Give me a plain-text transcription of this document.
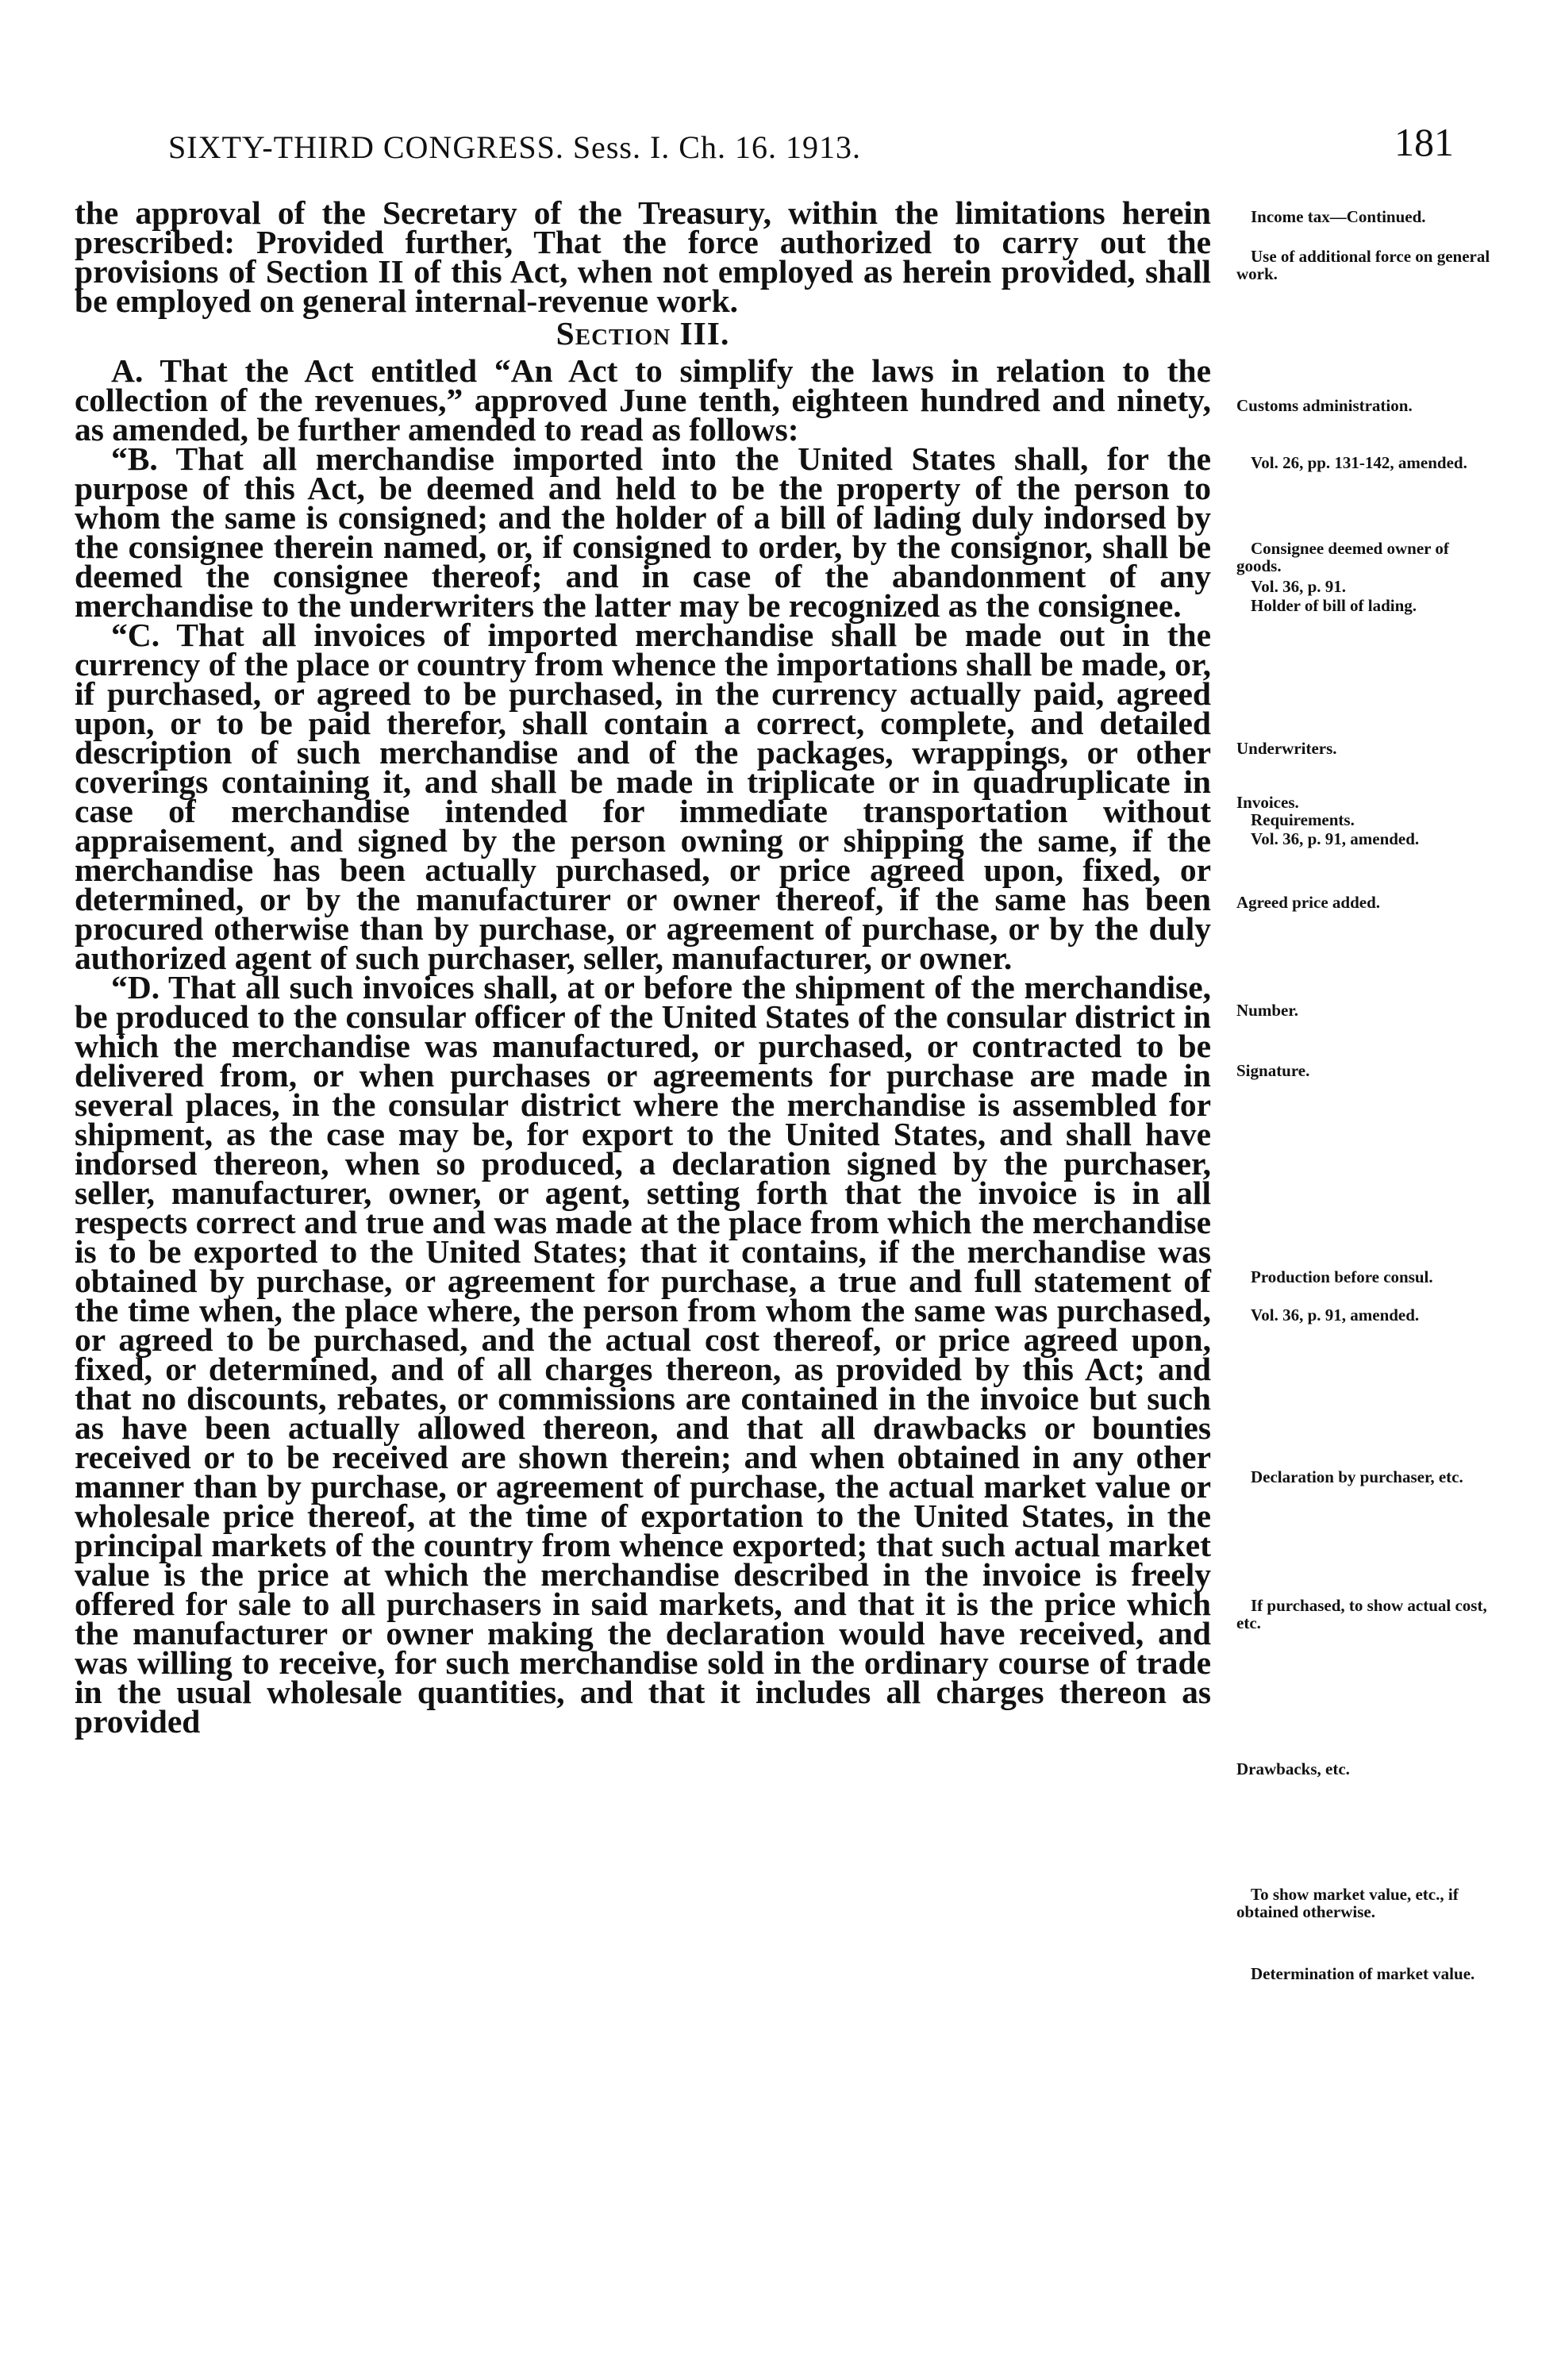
SIXTY-THIRD CONGRESS. Sess. I. Ch. 16. 1913.	181

the approval of the Secretary of the Treasury, within the limitations herein prescribed: Provided further, That the force authorized to carry out the provisions of Section II of this Act, when not employed as herein provided, shall be employed on general internal-revenue work.

Section III.

A. That the Act entitled “An Act to simplify the laws in relation to the collection of the revenues,” approved June tenth, eighteen hundred and ninety, as amended, be further amended to read as follows:

“B. That all merchandise imported into the United States shall, for the purpose of this Act, be deemed and held to be the property of the person to whom the same is consigned; and the holder of a bill of lading duly indorsed by the consignee therein named, or, if consigned to order, by the consignor, shall be deemed the consignee thereof; and in case of the abandonment of any merchandise to the underwriters the latter may be recognized as the consignee.

“C. That all invoices of imported merchandise shall be made out in the currency of the place or country from whence the importations shall be made, or, if purchased, or agreed to be purchased, in the currency actually paid, agreed upon, or to be paid therefor, shall contain a correct, complete, and detailed description of such merchandise and of the packages, wrappings, or other coverings containing it, and shall be made in triplicate or in quadruplicate in case of merchandise intended for immediate transportation without appraisement, and signed by the person owning or shipping the same, if the merchandise has been actually purchased, or price agreed upon, fixed, or determined, or by the manufacturer or owner thereof, if the same has been procured otherwise than by purchase, or agreement of purchase, or by the duly authorized agent of such purchaser, seller, manufacturer, or owner.

“D. That all such invoices shall, at or before the shipment of the merchandise, be produced to the consular officer of the United States of the consular district in which the merchandise was manufactured, or purchased, or contracted to be delivered from, or when purchases or agreements for purchase are made in several places, in the consular district where the merchandise is assembled for shipment, as the case may be, for export to the United States, and shall have indorsed thereon, when so produced, a declaration signed by the purchaser, seller, manufacturer, owner, or agent, setting forth that the invoice is in all respects correct and true and was made at the place from which the merchandise is to be exported to the United States; that it contains, if the merchandise was obtained by purchase, or agreement for purchase, a true and full statement of the time when, the place where, the person from whom the same was purchased, or agreed to be purchased, and the actual cost thereof, or price agreed upon, fixed, or determined, and of all charges thereon, as provided by this Act; and that no discounts, rebates, or commissions are contained in the invoice but such as have been actually allowed thereon, and that all drawbacks or bounties received or to be received are shown therein; and when obtained in any other manner than by purchase, or agreement of purchase, the actual market value or wholesale price thereof, at the time of exportation to the United States, in the principal markets of the country from whence exported; that such actual market value is the price at which the merchandise described in the invoice is freely offered for sale to all purchasers in said markets, and that it is the price which the manufacturer or owner making the declaration would have received, and was willing to receive, for such merchandise sold in the ordinary course of trade in the usual wholesale quantities, and that it includes all charges thereon as provided

Income tax—Continued.
Use of additional force on general work.
Customs administration.
Vol. 26, pp. 131-142, amended.
Consignee deemed owner of goods.
Vol. 36, p. 91.
Holder of bill of lading.
Underwriters.
Invoices.
Requirements.
Vol. 36, p. 91, amended.
Agreed price added.
Number.
Signature.
Production before consul.
Vol. 36, p. 91, amended.
Declaration by purchaser, etc.
If purchased, to show actual cost, etc.
Drawbacks, etc.
To show market value, etc., if obtained otherwise.
Determination of market value.
